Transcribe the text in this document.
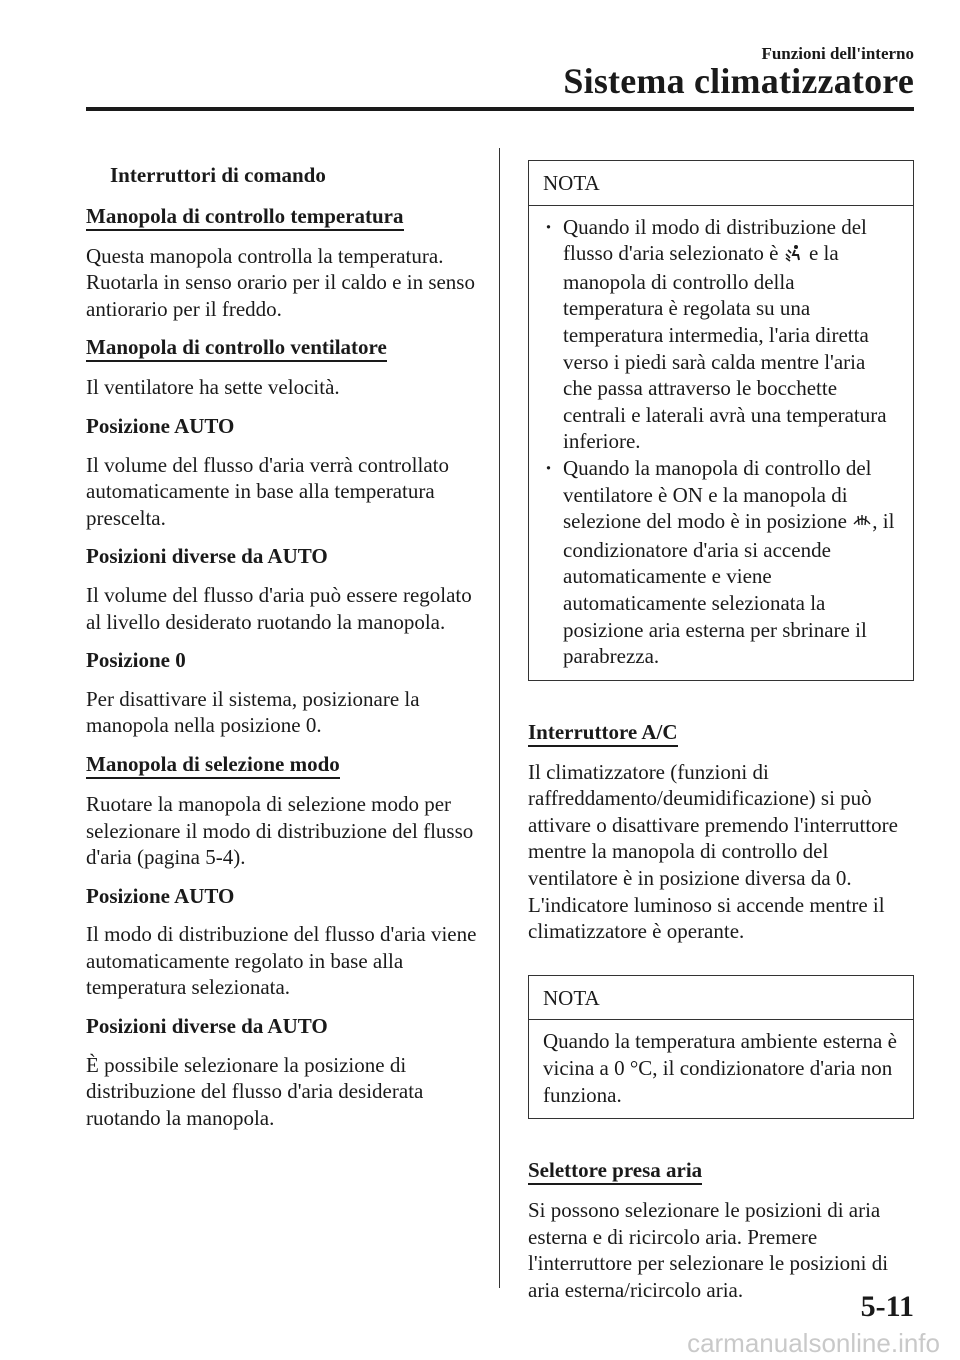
Funzioni dell'interno
Sistema climatizzatore
Interruttori di comando
Manopola di controllo temperatura

Questa manopola controlla la temperatura. Ruotarla in senso orario per il caldo e in senso antiorario per il freddo.

Manopola di controllo ventilatore

Il ventilatore ha sette velocità.

Posizione AUTO

Il volume del flusso d'aria verrà controllato automaticamente in base alla temperatura prescelta.

Posizioni diverse da AUTO

Il volume del flusso d'aria può essere regolato al livello desiderato ruotando la manopola.

Posizione 0

Per disattivare il sistema, posizionare la manopola nella posizione 0.

Manopola di selezione modo

Ruotare la manopola di selezione modo per selezionare il modo di distribuzione del flusso d'aria (pagina 5-4).

Posizione AUTO

Il modo di distribuzione del flusso d'aria viene automaticamente regolato in base alla temperatura selezionata.

Posizioni diverse da AUTO

È possibile selezionare la posizione di distribuzione del flusso d'aria desiderata ruotando la manopola.

NOTA
· Quando il modo di distribuzione del flusso d'aria selezionato è  e la manopola di controllo della temperatura è regolata su una temperatura intermedia, l'aria diretta verso i piedi sarà calda mentre l'aria che passa attraverso le bocchette centrali e laterali avrà una temperatura inferiore.
· Quando la manopola di controllo del ventilatore è ON e la manopola di selezione del modo è in posizione , il condizionatore d'aria si accende automaticamente e viene automaticamente selezionata la posizione aria esterna per sbrinare il parabrezza.
Interruttore A/C
Il climatizzatore (funzioni di raffreddamento/deumidificazione) si può attivare o disattivare premendo l'interruttore mentre la manopola di controllo del ventilatore è in posizione diversa da 0.
L'indicatore luminoso si accende mentre il climatizzatore è operante.
NOTA
Quando la temperatura ambiente esterna è vicina a 0 °C, il condizionatore d'aria non funziona.
Selettore presa aria

Si possono selezionare le posizioni di aria esterna e di ricircolo aria. Premere l'interruttore per selezionare le posizioni di aria esterna/ricircolo aria.	5-11
carmanualsonline.info
